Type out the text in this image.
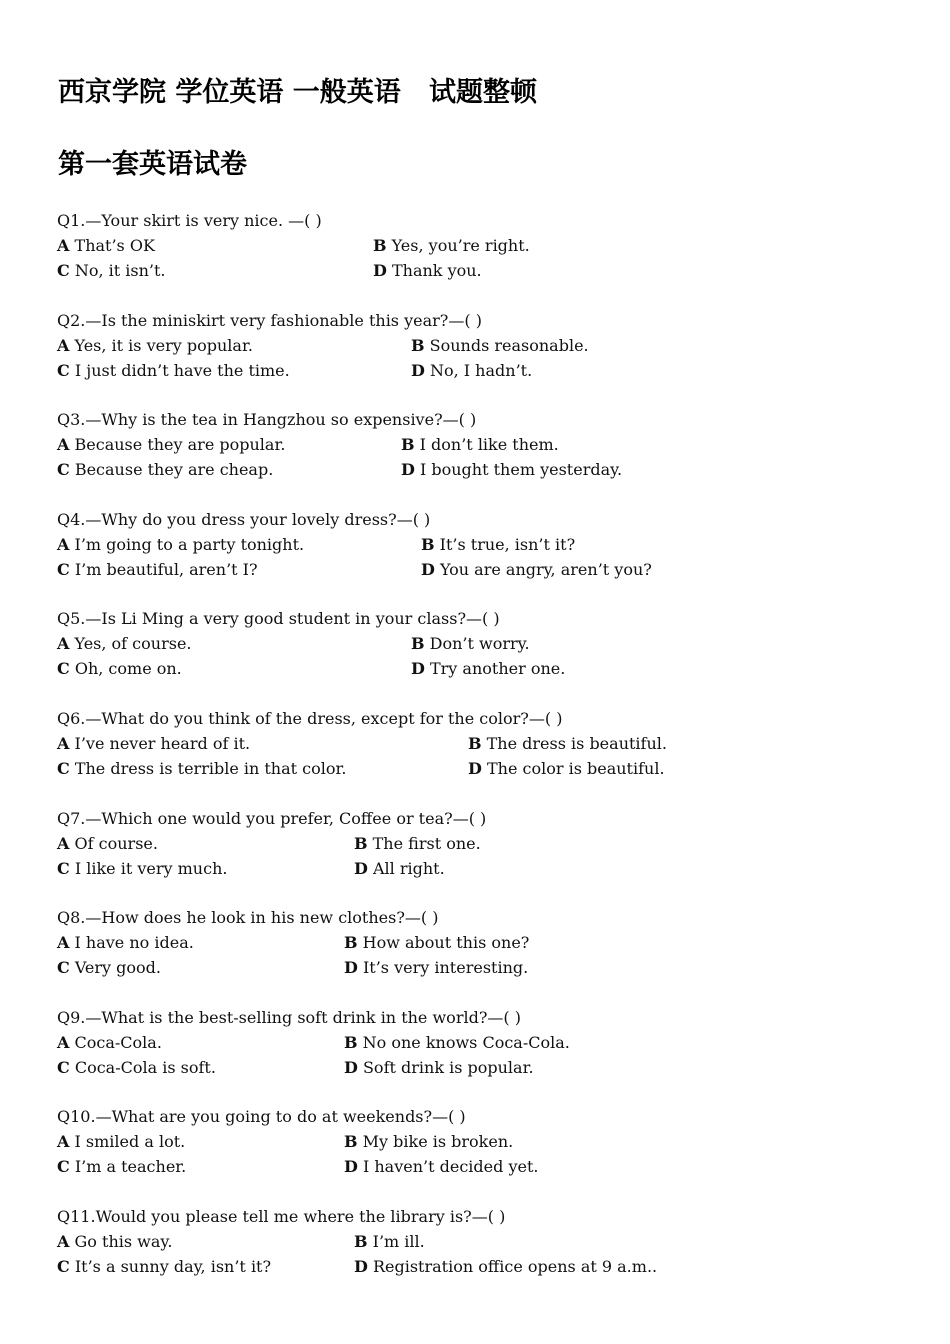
西京学院 学位英语 一般英语   试题整顿
第一套英语试卷
Q1.—Your skirt is very nice. —( )
A That’s OK	B Yes, you’re right.
C No, it isn’t.	D Thank you.
Q2.—Is the miniskirt very fashionable this year?—( )
A Yes, it is very popular.	B Sounds reasonable.
C I just didn’t have the time.	D No, I hadn’t.
Q3.—Why is the tea in Hangzhou so expensive?—( )
A Because they are popular.	B I don’t like them.
C Because they are cheap.	D I bought them yesterday.
Q4.—Why do you dress your lovely dress?—( )
A I’m going to a party tonight.	B It’s true, isn’t it?
C I’m beautiful, aren’t I?	D You are angry, aren’t you?
Q5.—Is Li Ming a very good student in your class?—( )
A Yes, of course.	B Don’t worry.
C Oh, come on.	D Try another one.
Q6.—What do you think of the dress, except for the color?—( )
A I’ve never heard of it.	B The dress is beautiful.
C The dress is terrible in that color.	D The color is beautiful.
Q7.—Which one would you prefer, Coffee or tea?—( )
A Of course.	B The first one.
C I like it very much.	D All right.
Q8.—How does he look in his new clothes?—( )
A I have no idea.	B How about this one?
C Very good.	D It’s very interesting.
Q9.—What is the best-selling soft drink in the world?—( )
A Coca-Cola.	B No one knows Coca-Cola.
C Coca-Cola is soft.	D Soft drink is popular.
Q10.—What are you going to do at weekends?—( )
A I smiled a lot.	B My bike is broken.
C I’m a teacher.	D I haven’t decided yet.
Q11.Would you please tell me where the library is?—( )
A Go this way.	B I’m ill.
C It’s a sunny day, isn’t it?	D Registration office opens at 9 a.m..
